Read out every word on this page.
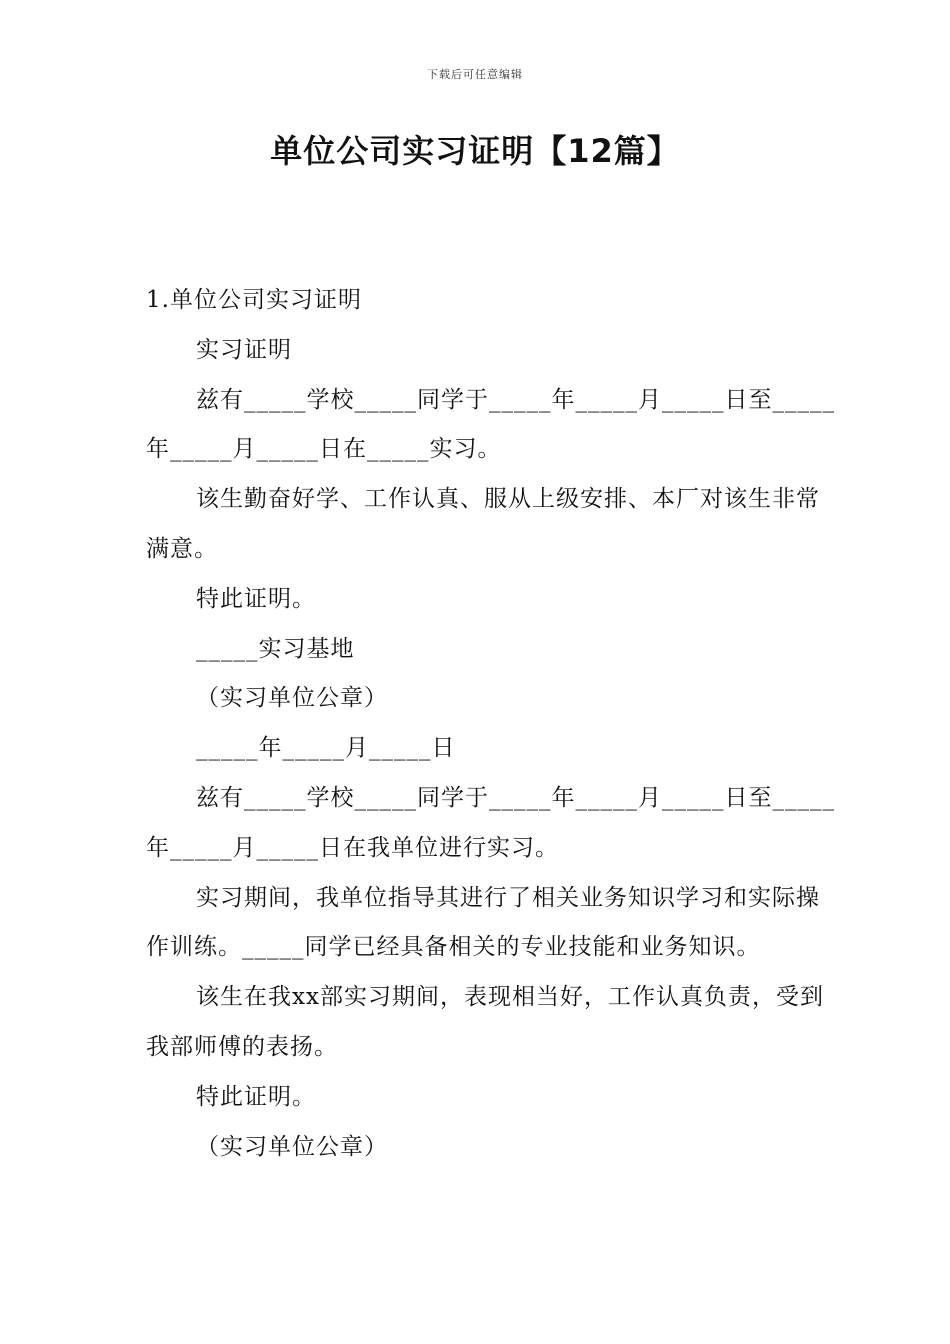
下载后可任意编辑
单位公司实习证明【12篇】

1.单位公司实习证明

实习证明

兹有_____学校_____同学于_____年_____月_____日至_____年_____月_____日在_____实习。

该生勤奋好学、工作认真、服从上级安排、本厂对该生非常满意。

特此证明。

_____实习基地

（实习单位公章）

_____年_____月_____日

兹有_____学校_____同学于_____年_____月_____日至_____年_____月_____日在我单位进行实习。

实习期间，我单位指导其进行了相关业务知识学习和实际操作训练。_____同学已经具备相关的专业技能和业务知识。

该生在我xx部实习期间，表现相当好，工作认真负责，受到我部师傅的表扬。

特此证明。

（实习单位公章）
